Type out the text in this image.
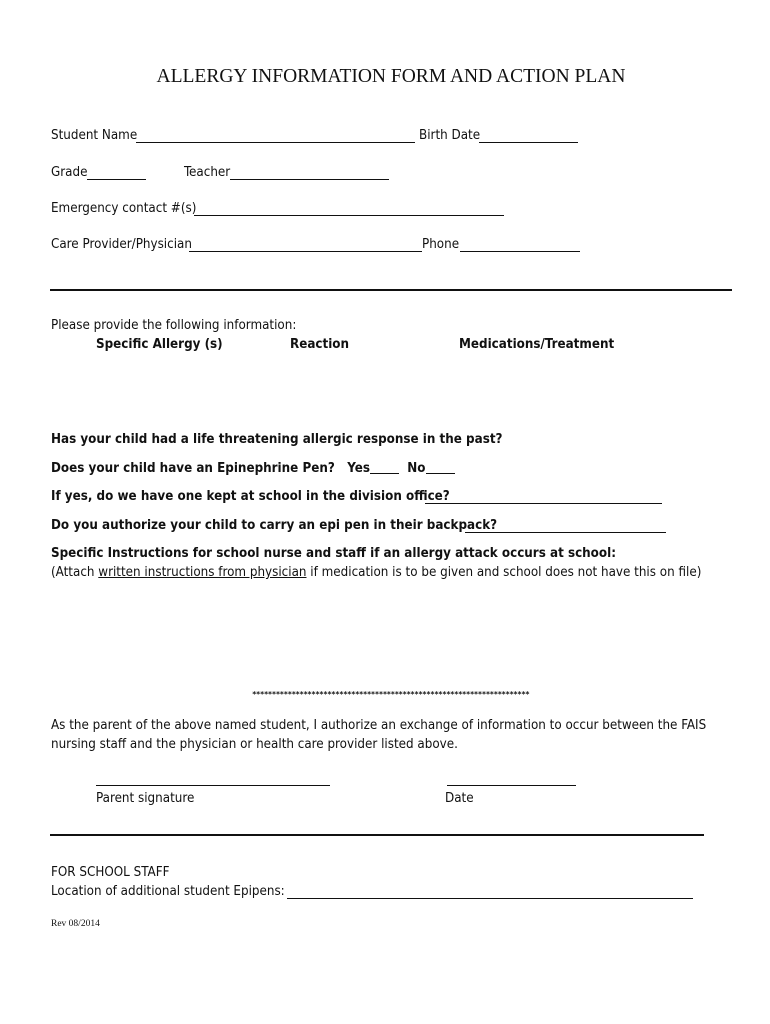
ALLERGY INFORMATION FORM AND ACTION PLAN
Student Name	Birth Date
Grade	Teacher
Emergency contact #(s)
Care Provider/Physician	Phone
Please provide the following information:
Specific Allergy (s)	Reaction	Medications/Treatment
Has your child had a life threatening allergic response in the past?
Does your child have an Epinephrine Pen? Yes	No
If yes, do we have one kept at school in the division office?
Do you authorize your child to carry an epi pen in their backpack?
Specific Instructions for school nurse and staff if an allergy attack occurs at school:
(Attach written instructions from physician if medication is to be given and school does not have this on file)
**********************************************************************
As the parent of the above named student, I authorize an exchange of information to occur between the FAIS
nursing staff and the physician or health care provider listed above.
Parent signature	Date
FOR SCHOOL STAFF
Location of additional student Epipens:
Rev 08/2014
